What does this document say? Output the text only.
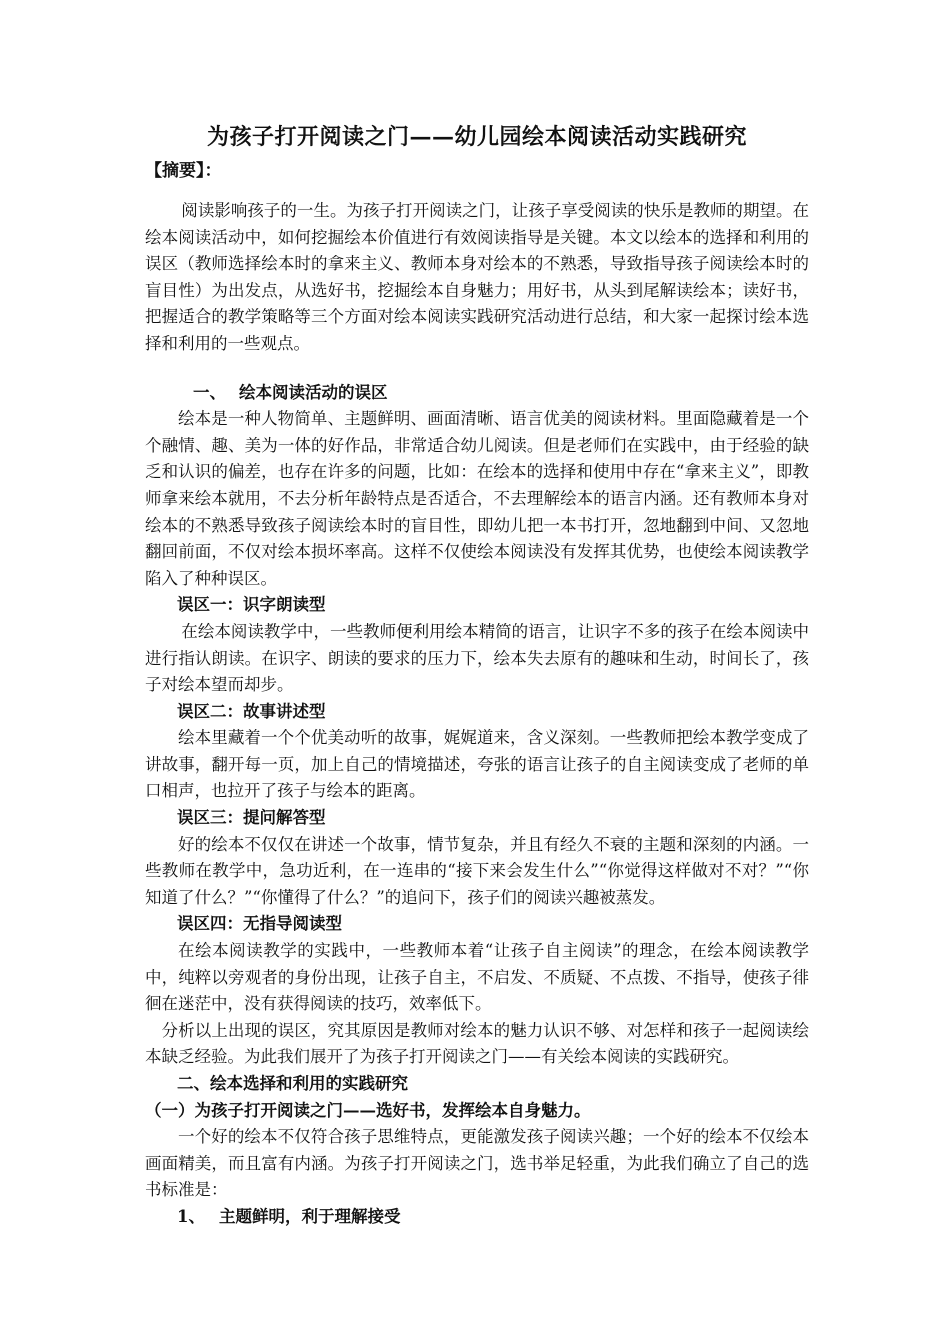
为孩子打开阅读之门——幼儿园绘本阅读活动实践研究
【摘要】：

阅读影响孩子的一生。为孩子打开阅读之门，让孩子享受阅读的快乐是教师的期望。在绘本阅读活动中，如何挖掘绘本价值进行有效阅读指导是关键。本文以绘本的选择和利用的误区（教师选择绘本时的拿来主义、教师本身对绘本的不熟悉，导致指导孩子阅读绘本时的盲目性）为出发点，从选好书，挖掘绘本自身魅力；用好书，从头到尾解读绘本；读好书，把握适合的教学策略等三个方面对绘本阅读实践研究活动进行总结，和大家一起探讨绘本选择和利用的一些观点。

一、 绘本阅读活动的误区

绘本是一种人物简单、主题鲜明、画面清晰、语言优美的阅读材料。里面隐藏着是一个个融情、趣、美为一体的好作品，非常适合幼儿阅读。但是老师们在实践中，由于经验的缺乏和认识的偏差，也存在许多的问题，比如：在绘本的选择和使用中存在“拿来主义”，即教师拿来绘本就用，不去分析年龄特点是否适合，不去理解绘本的语言内涵。还有教师本身对绘本的不熟悉导致孩子阅读绘本时的盲目性，即幼儿把一本书打开，忽地翻到中间、又忽地翻回前面，不仅对绘本损坏率高。这样不仅使绘本阅读没有发挥其优势，也使绘本阅读教学陷入了种种误区。

误区一：识字朗读型

在绘本阅读教学中，一些教师便利用绘本精简的语言，让识字不多的孩子在绘本阅读中进行指认朗读。在识字、朗读的要求的压力下，绘本失去原有的趣味和生动，时间长了，孩子对绘本望而却步。

误区二：故事讲述型

绘本里藏着一个个优美动听的故事，娓娓道来，含义深刻。一些教师把绘本教学变成了讲故事，翻开每一页，加上自己的情境描述，夸张的语言让孩子的自主阅读变成了老师的单口相声，也拉开了孩子与绘本的距离。

误区三：提问解答型

好的绘本不仅仅在讲述一个故事，情节复杂，并且有经久不衰的主题和深刻的内涵。一些教师在教学中，急功近利，在一连串的“接下来会发生什么”“你觉得这样做对不对？”“你知道了什么？”“你懂得了什么？”的追问下，孩子们的阅读兴趣被蒸发。

误区四：无指导阅读型

在绘本阅读教学的实践中，一些教师本着“让孩子自主阅读”的理念，在绘本阅读教学中，纯粹以旁观者的身份出现，让孩子自主，不启发、不质疑、不点拨、不指导，使孩子徘徊在迷茫中，没有获得阅读的技巧，效率低下。

分析以上出现的误区，究其原因是教师对绘本的魅力认识不够、对怎样和孩子一起阅读绘本缺乏经验。为此我们展开了为孩子打开阅读之门——有关绘本阅读的实践研究。

二、绘本选择和利用的实践研究
（一）为孩子打开阅读之门——选好书，发挥绘本自身魅力。

一个好的绘本不仅符合孩子思维特点，更能激发孩子阅读兴趣；一个好的绘本不仅绘本画面精美，而且富有内涵。为孩子打开阅读之门，选书举足轻重，为此我们确立了自己的选书标准是：

1、 主题鲜明，利于理解接受
